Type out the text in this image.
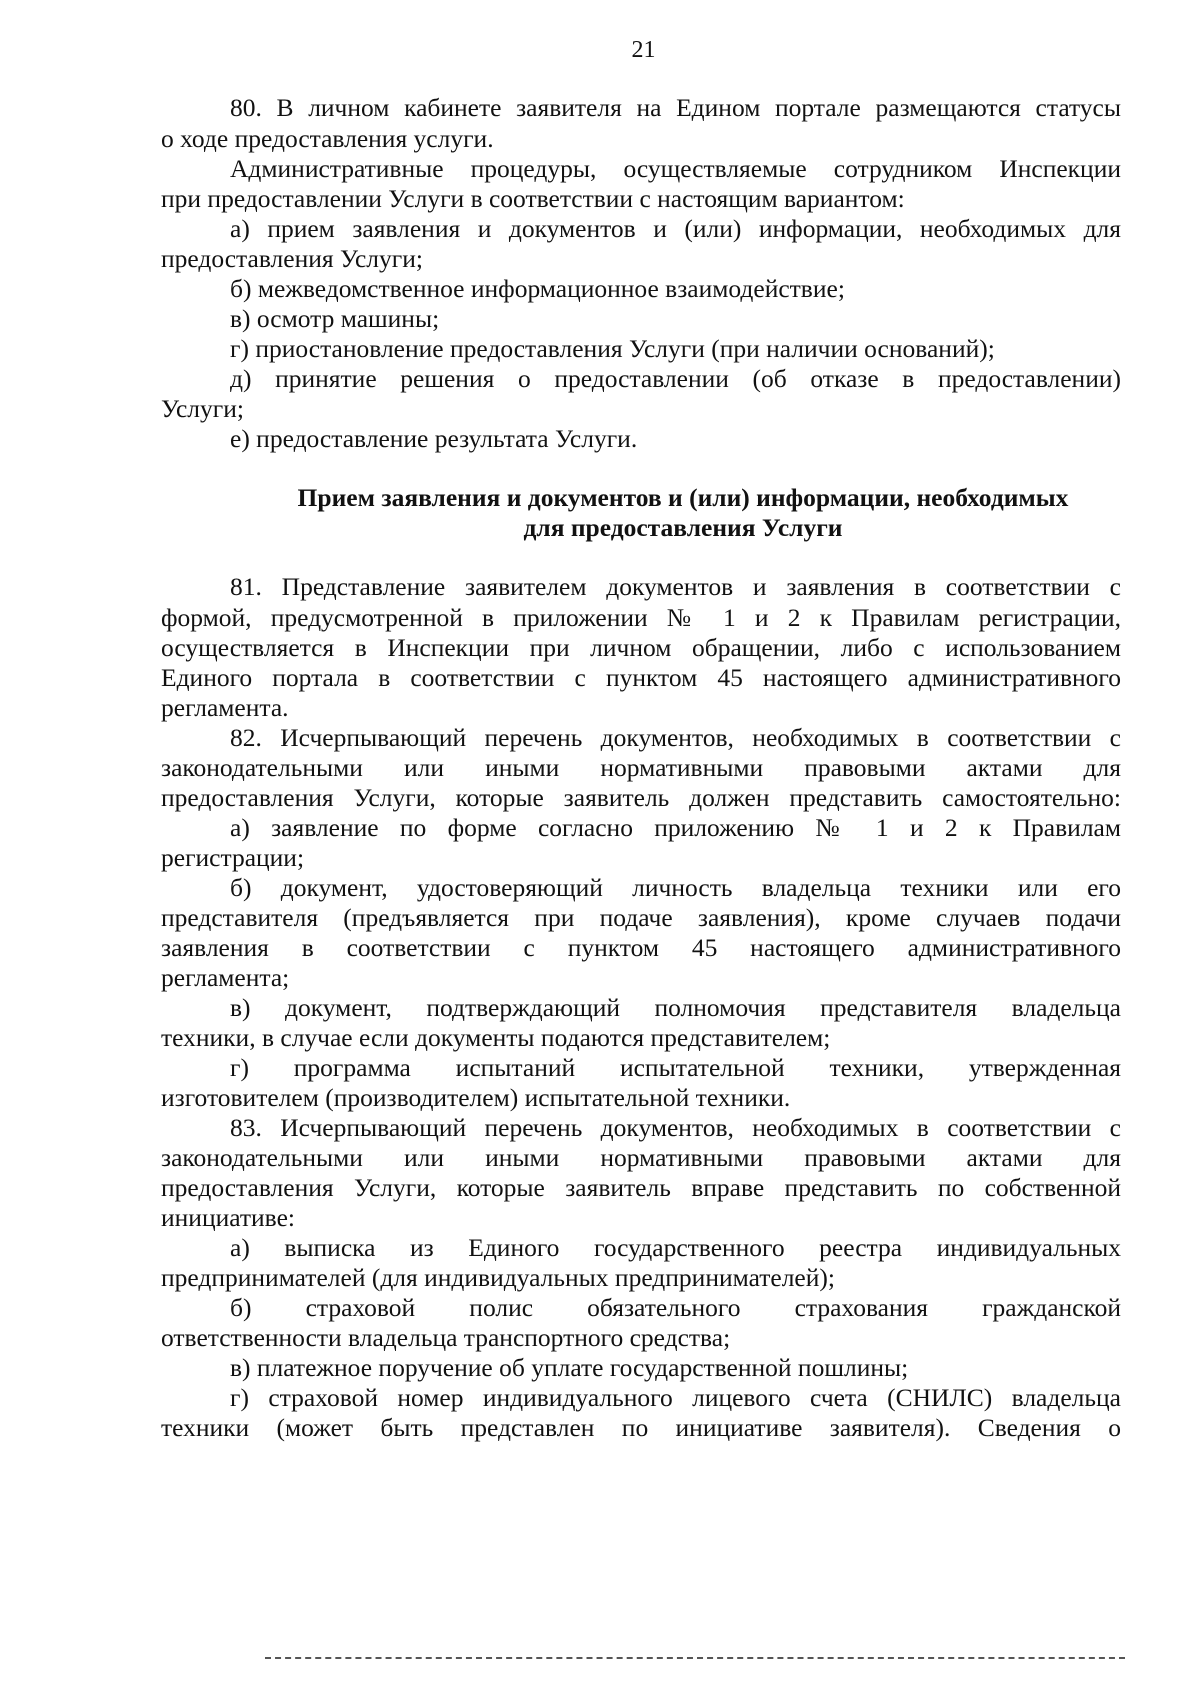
21
80. В личном кабинете заявителя на Едином портале размещаются статусы
о ходе предоставления услуги.
Административные процедуры, осуществляемые сотрудником Инспекции
при предоставлении Услуги в соответствии с настоящим вариантом:
а) прием заявления и документов и (или) информации, необходимых для
предоставления Услуги;
б) межведомственное информационное взаимодействие;
в) осмотр машины;
г) приостановление предоставления Услуги (при наличии оснований);
д) принятие решения о предоставлении (об отказе в предоставлении)
Услуги;
е) предоставление результата Услуги.
Прием заявления и документов и (или) информации, необходимых
для предоставления Услуги
81. Представление заявителем документов и заявления в соответствии с
формой, предусмотренной в приложении № 1 и 2 к Правилам регистрации,
осуществляется в Инспекции при личном обращении, либо с использованием
Единого портала в соответствии с пунктом 45 настоящего административного
регламента.
82. Исчерпывающий перечень документов, необходимых в соответствии с
законодательными или иными нормативными правовыми актами для
предоставления Услуги, которые заявитель должен представить самостоятельно:
а) заявление по форме согласно приложению № 1 и 2 к Правилам
регистрации;
б) документ, удостоверяющий личность владельца техники или его
представителя (предъявляется при подаче заявления), кроме случаев подачи
заявления в соответствии с пунктом 45 настоящего административного
регламента;
в) документ, подтверждающий полномочия представителя владельца
техники, в случае если документы подаются представителем;
г) программа испытаний испытательной техники, утвержденная
изготовителем (производителем) испытательной техники.
83. Исчерпывающий перечень документов, необходимых в соответствии с
законодательными или иными нормативными правовыми актами для
предоставления Услуги, которые заявитель вправе представить по собственной
инициативе:
а) выписка из Единого государственного реестра индивидуальных
предпринимателей (для индивидуальных предпринимателей);
б) страховой полис обязательного страхования гражданской
ответственности владельца транспортного средства;
в) платежное поручение об уплате государственной пошлины;
г) страховой номер индивидуального лицевого счета (СНИЛС) владельца
техники (может быть представлен по инициативе заявителя). Сведения о
